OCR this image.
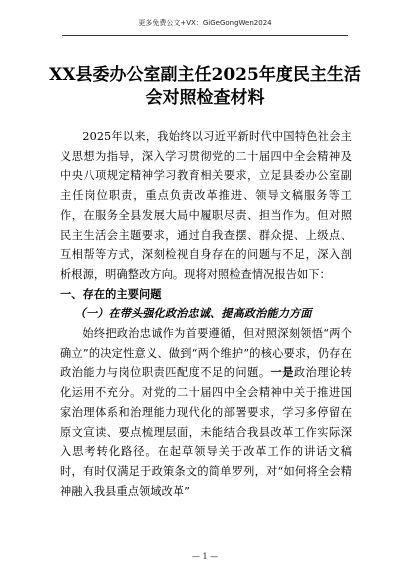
更多免费公文+VX：GiGeGongWen2024
XX县委办公室副主任2025年度民主生活
会对照检查材料

2025年以来，我始终以习近平新时代中国特色社会主义思想为指导，深入学习贯彻党的二十届四中全会精神及中央八项规定精神学习教育相关要求，立足县委办公室副主任岗位职责，重点负责改革推进、领导文稿服务等工作，在服务全县发展大局中履职尽责、担当作为。但对照民主生活会主题要求，通过自我查摆、群众提、上级点、互相帮等方式，深刻检视自身存在的问题与不足，深入剖析根源，明确整改方向。现将对照检查情况报告如下：

一、存在的主要问题

（一）在带头强化政治忠诚、提高政治能力方面

始终把政治忠诚作为首要遵循，但对照深刻领悟“两个确立”的决定性意义、做到“两个维护”的核心要求，仍存在政治能力与岗位职责匹配度不足的问题。一是政治理论转化运用不充分。对党的二十届四中全会精神中关于推进国家治理体系和治理能力现代化的部署要求，学习多停留在原文宣读、要点梳理层面，未能结合我县改革工作实际深入思考转化路径。在起草领导关于改革工作的讲话文稿时，有时仅满足于政策条文的简单罗列，对“如何将全会精神融入我县重点领域改革”

— 1 —
